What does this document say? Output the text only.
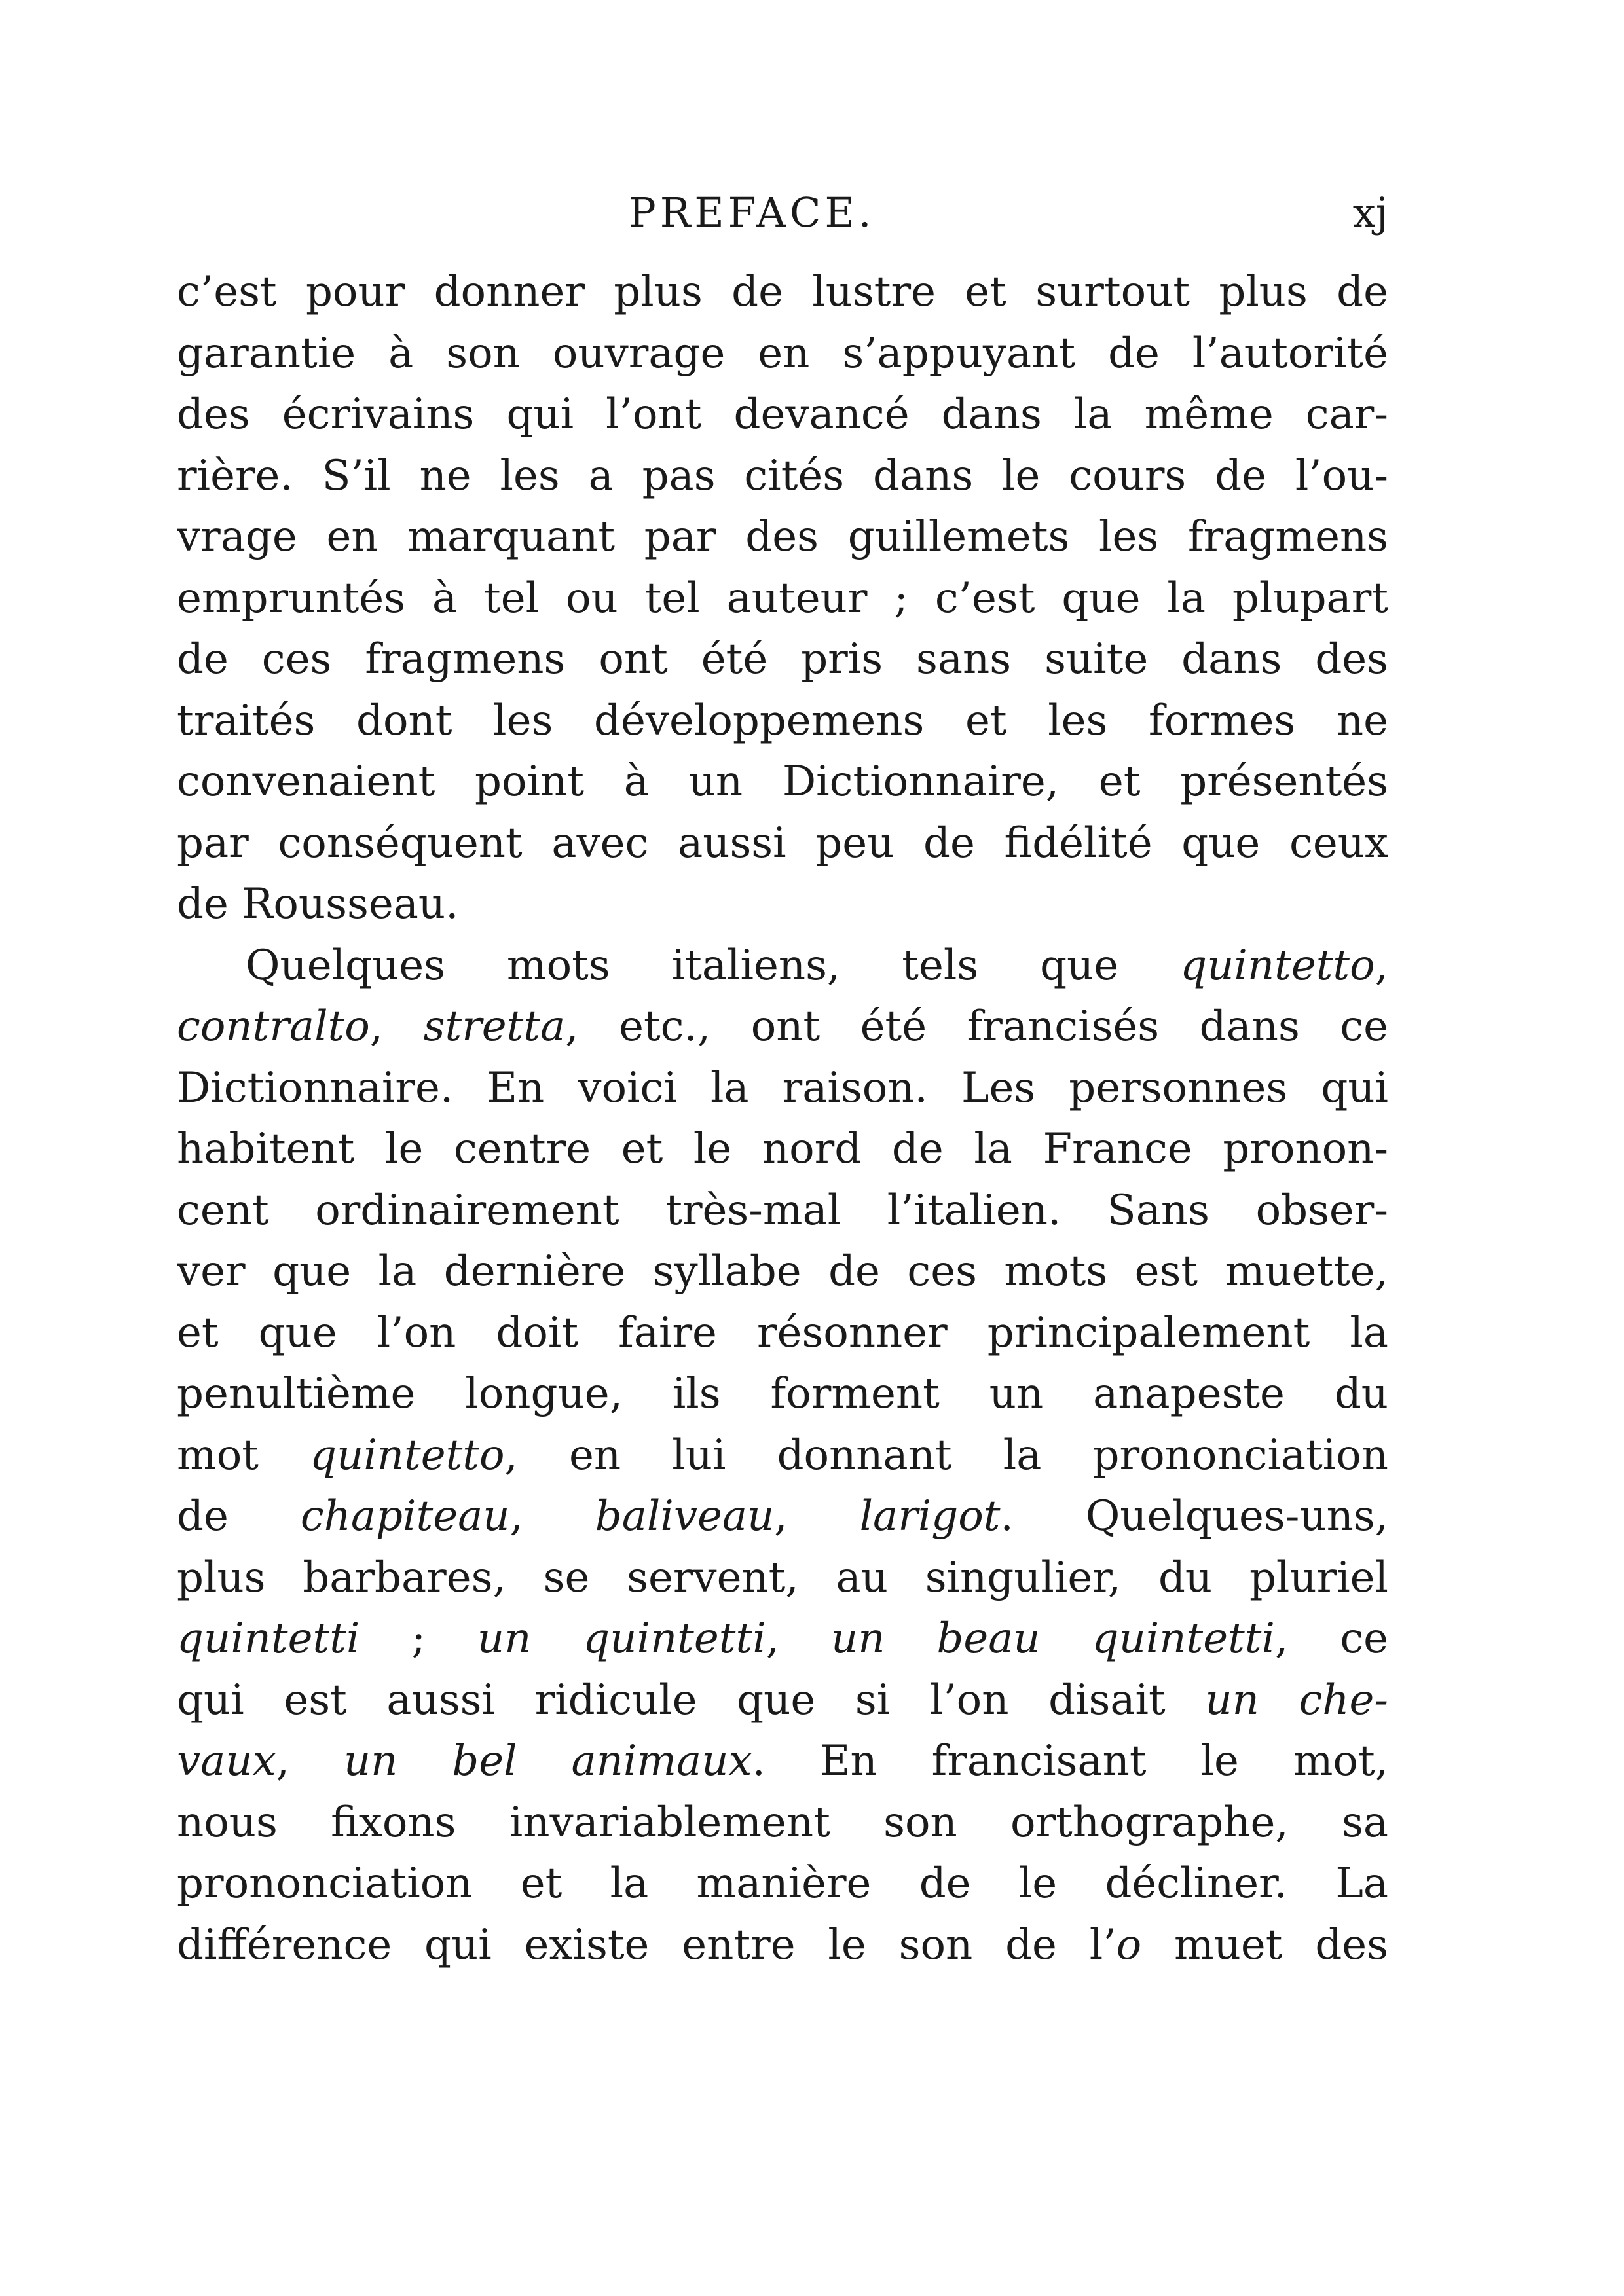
PREFACE.	xj
c’est pour donner plus de lustre et surtout plus de
garantie à son ouvrage en s’appuyant de l’autorité
des écrivains qui l’ont devancé dans la même car-
rière. S’il ne les a pas cités dans le cours de l’ou-
vrage en marquant par des guillemets les fragmens
empruntés à tel ou tel auteur ; c’est que la plupart
de ces fragmens ont été pris sans suite dans des
traités dont les développemens et les formes ne
convenaient point à un Dictionnaire, et présentés
par conséquent avec aussi peu de fidélité que ceux
de Rousseau.
Quelques mots italiens, tels que quintetto,
contralto, stretta, etc., ont été francisés dans ce
Dictionnaire. En voici la raison. Les personnes qui
habitent le centre et le nord de la France pronon-
cent ordinairement très-mal l’italien. Sans obser-
ver que la dernière syllabe de ces mots est muette,
et que l’on doit faire résonner principalement la
penultième longue, ils forment un anapeste du
mot quintetto, en lui donnant la prononciation
de chapiteau, baliveau, larigot. Quelques-uns,
plus barbares, se servent, au singulier, du pluriel
quintetti ; un quintetti, un beau quintetti, ce
qui est aussi ridicule que si l’on disait un che-
vaux, un bel animaux. En francisant le mot,
nous fixons invariablement son orthographe, sa
prononciation et la manière de le décliner. La
différence qui existe entre le son de l’o muet des
